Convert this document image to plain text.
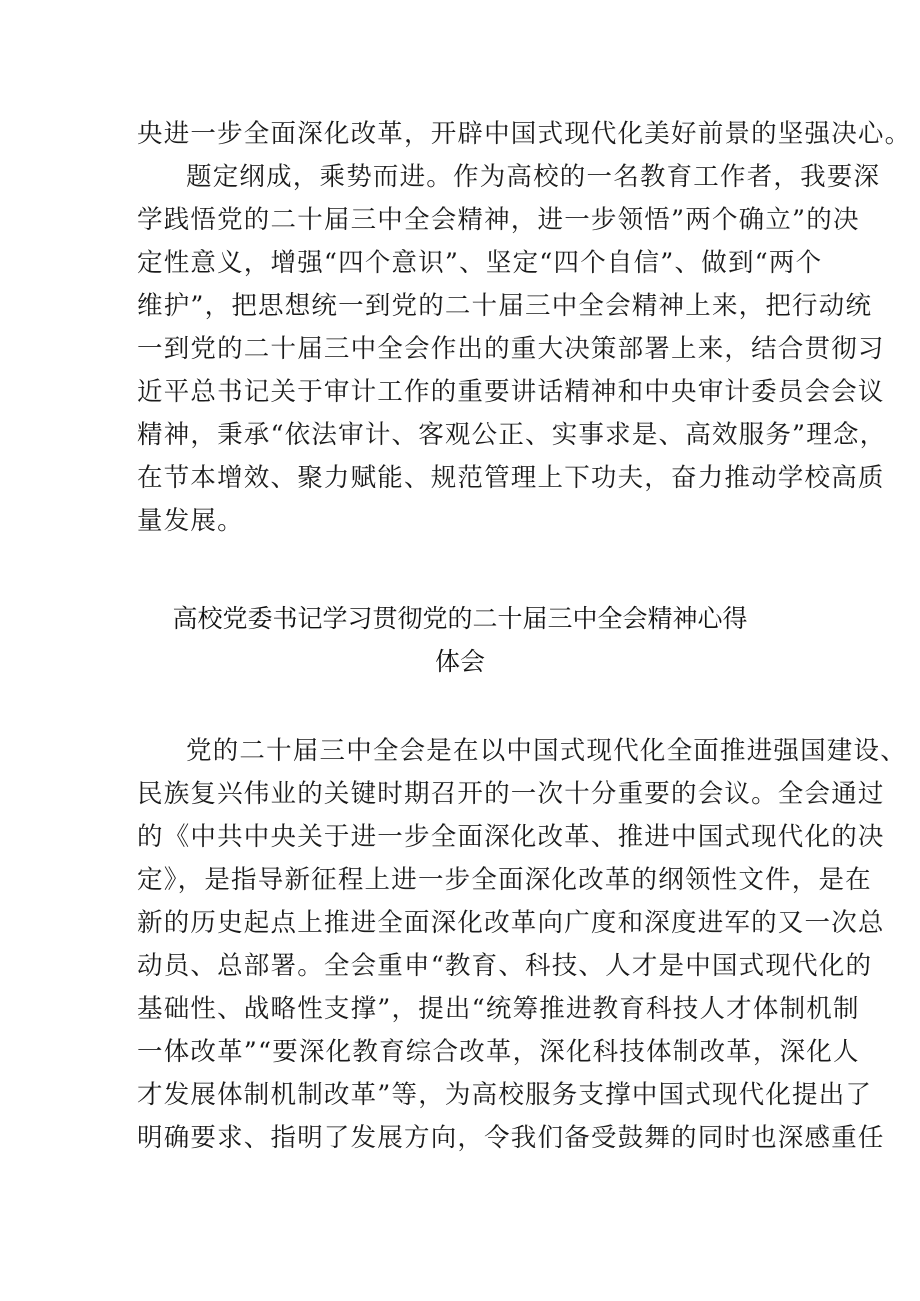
央进一步全面深化改革，开辟中国式现代化美好前景的坚强决心。
题定纲成，乘势而进。作为高校的一名教育工作者，我要深
学践悟党的二十届三中全会精神，进一步领悟”两个确立”的决
定性意义，增强“四个意识”、坚定“四个自信”、做到“两个
维护”，把思想统一到党的二十届三中全会精神上来，把行动统
一到党的二十届三中全会作出的重大决策部署上来，结合贯彻习
近平总书记关于审计工作的重要讲话精神和中央审计委员会会议
精神，秉承“依法审计、客观公正、实事求是、高效服务”理念，
在节本增效、聚力赋能、规范管理上下功夫，奋力推动学校高质
量发展。
高校党委书记学习贯彻党的二十届三中全会精神心得
体会
党的二十届三中全会是在以中国式现代化全面推进强国建设、
民族复兴伟业的关键时期召开的一次十分重要的会议。全会通过
的《中共中央关于进一步全面深化改革、推进中国式现代化的决
定》，是指导新征程上进一步全面深化改革的纲领性文件，是在
新的历史起点上推进全面深化改革向广度和深度进军的又一次总
动员、总部署。全会重申“教育、科技、人才是中国式现代化的
基础性、战略性支撑”，提出“统筹推进教育科技人才体制机制
一体改革”“要深化教育综合改革，深化科技体制改革，深化人
才发展体制机制改革”等，为高校服务支撑中国式现代化提出了
明确要求、指明了发展方向，令我们备受鼓舞的同时也深感重任
